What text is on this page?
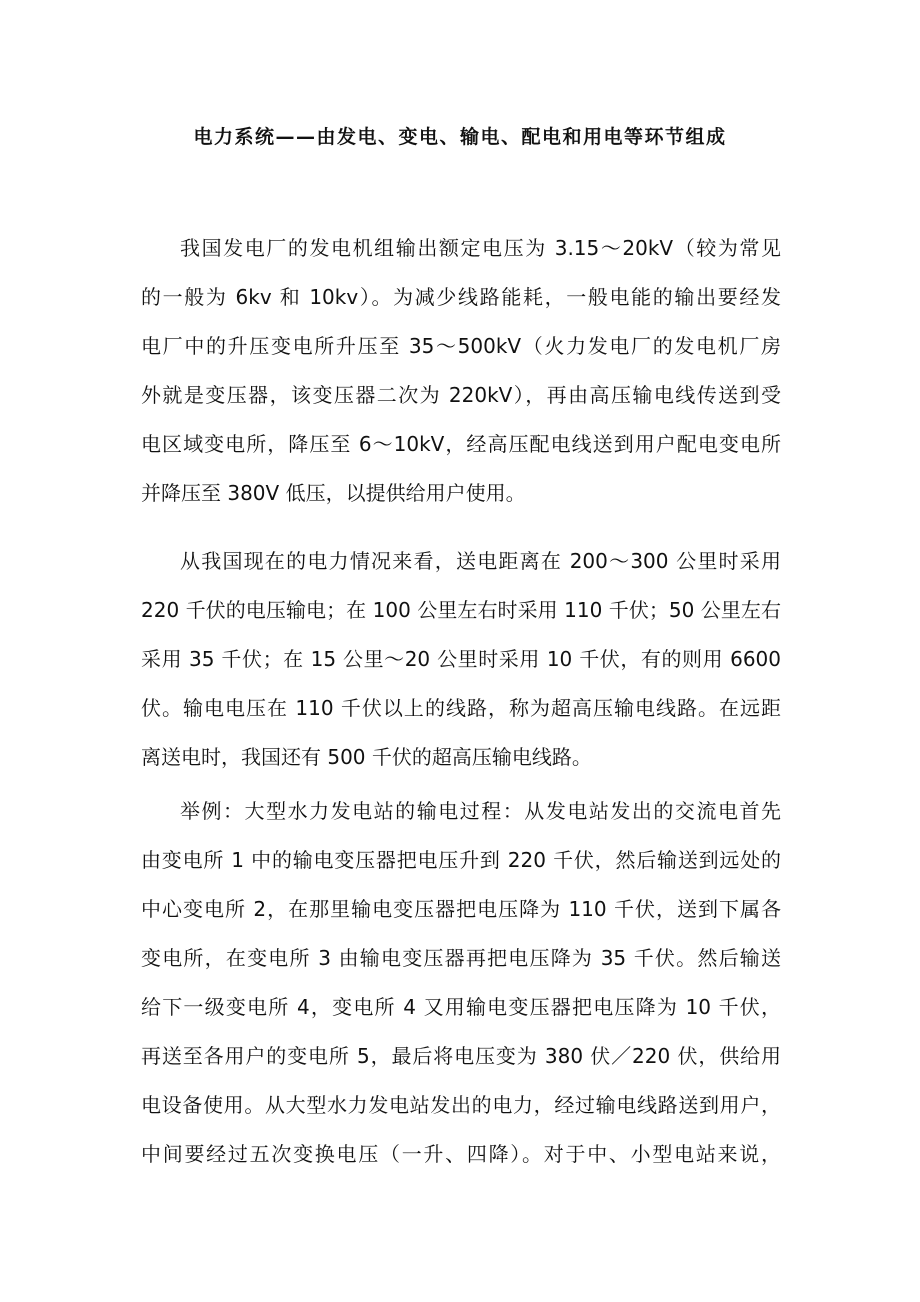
电力系统——由发电、变电、输电、配电和用电等环节组成
我国发电厂的发电机组输出额定电压为 3.15～20kV（较为常见
的一般为 6kv 和 10kv）。为减少线路能耗，一般电能的输出要经发
电厂中的升压变电所升压至 35～500kV（火力发电厂的发电机厂房
外就是变压器，该变压器二次为 220kV），再由高压输电线传送到受
电区域变电所，降压至 6～10kV，经高压配电线送到用户配电变电所
并降压至 380V 低压，以提供给用户使用。
从我国现在的电力情况来看，送电距离在 200～300 公里时采用
220 千伏的电压输电；在 100 公里左右时采用 110 千伏；50 公里左右
采用 35 千伏；在 15 公里～20 公里时采用 10 千伏，有的则用 6600
伏。输电电压在 110 千伏以上的线路，称为超高压输电线路。在远距
离送电时，我国还有 500 千伏的超高压输电线路。
举例：大型水力发电站的输电过程：从发电站发出的交流电首先
由变电所 1 中的输电变压器把电压升到 220 千伏，然后输送到远处的
中心变电所 2，在那里输电变压器把电压降为 110 千伏，送到下属各
变电所，在变电所 3 由输电变压器再把电压降为 35 千伏。然后输送
给下一级变电所 4，变电所 4 又用输电变压器把电压降为 10 千伏，
再送至各用户的变电所 5，最后将电压变为 380 伏／220 伏，供给用
电设备使用。从大型水力发电站发出的电力，经过输电线路送到用户，
中间要经过五次变换电压（一升、四降）。对于中、小型电站来说，
